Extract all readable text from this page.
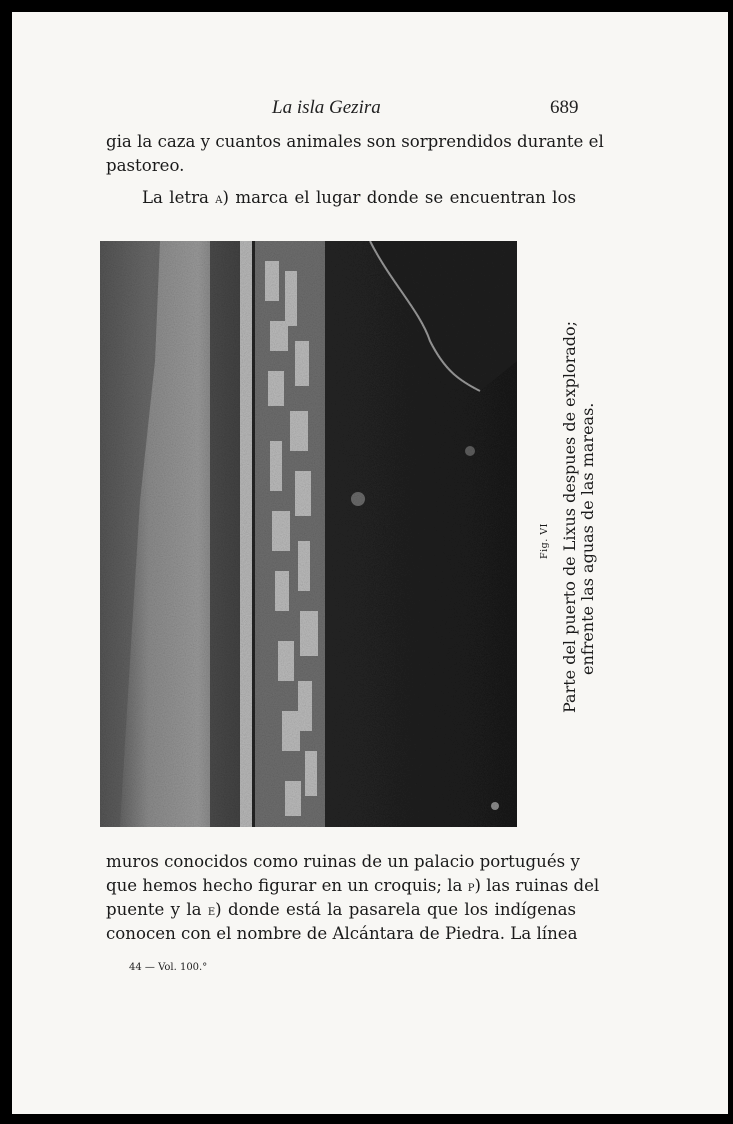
La isla Gezira	689
gia la caza y cuantos animales son sorprendidos durante el
pastoreo.
La letra a) marca el lugar donde se encuentran los
Fig. VI Parte del puerto de Lixus despues de explorado; enfrente las aguas de las mareas.
muros conocidos como ruinas de un palacio portugués y
que hemos hecho figurar en un croquis; la p) las ruinas del
puente y la e) donde está la pasarela que los indígenas
conocen con el nombre de Alcántara de Piedra. La línea
44 — Vol. 100.°
